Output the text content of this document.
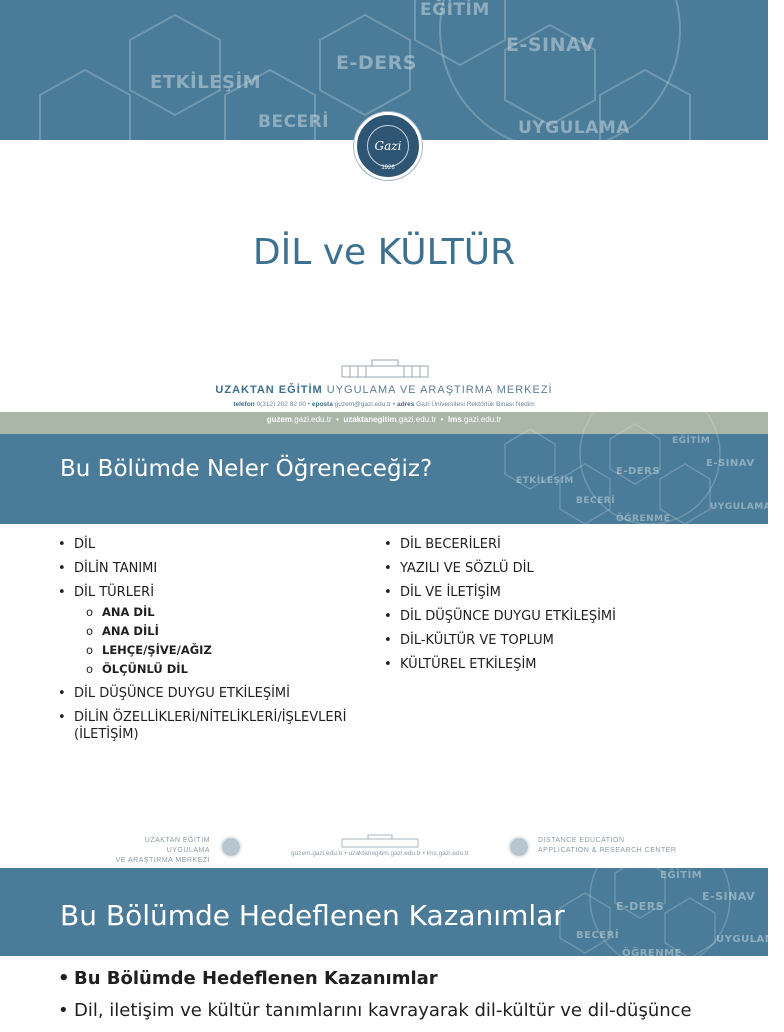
EĞİTİM
E-DERS
E-SINAV
ETKİLEŞİM
BECERİ	UYGULAMA
Gazi
1926
DİL ve KÜLTÜR
UZAKTAN EĞİTİM UYGULAMA VE ARAŞTIRMA MERKEZİ
telefon 0(312) 202 82 00 • eposta guzem@gazi.edu.tr • adres Gazi Üniversitesi Rektörlük Binası Nedim
guzem.gazi.edu.tr  •  uzaktanegitim.gazi.edu.tr  •  lms.gazi.edu.tr
EĞİTİM
E-DERS
E-SINAV
ETKİLEŞİM
BECERİ
UYGULAMA
ÖĞRENME
Bu Bölümde Neler Öğreneceğiz?
• DİL
• DİLİN TANIMI
• DİL TÜRLERİ
o ANA DİL
o ANA DİLİ
o LEHÇE/ŞİVE/AĞIZ
o ÖLÇÜNLÜ DİL
• DİL DÜŞÜNCE DUYGU ETKİLEŞİMİ
• DİLİN ÖZELLİKLERİ/NİTELİKLERİ/İŞLEVLERİ (İLETİŞİM)
• DİL BECERİLERİ
• YAZILI VE SÖZLÜ DİL
• DİL VE İLETİŞİM
• DİL DÜŞÜNCE DUYGU ETKİLEŞİMİ
• DİL-KÜLTÜR VE TOPLUM
• KÜLTÜREL ETKİLEŞİM
UZAKTAN EĞİTİM UYGULAMA
VE ARAŞTIRMA MERKEZİ
guzem.gazi.edu.tr • uzaktanegitim.gazi.edu.tr • lms.gazi.edu.tr
DISTANCE EDUCATION
APPLICATION & RESEARCH CENTER
EĞİTİM
E-DERS
E-SINAV
BECERİ	UYGULAMA
ÖĞRENME
Bu Bölümde Hedeflenen Kazanımlar
• Bu Bölümde Hedeflenen Kazanımlar
• Dil, iletişim ve kültür tanımlarını kavrayarak dil-kültür ve dil-düşünce
